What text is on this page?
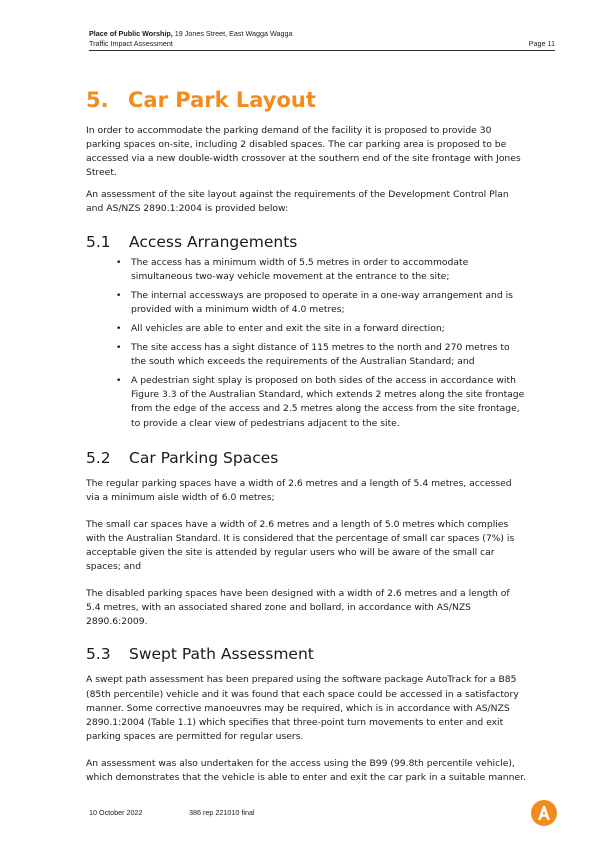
Place of Public Worship, 19 Jones Street, East Wagga Wagga
Traffic Impact Assessment	Page 11
5. Car Park Layout

In order to accommodate the parking demand of the facility it is proposed to provide 30 parking spaces on-site, including 2 disabled spaces. The car parking area is proposed to be accessed via a new double-width crossover at the southern end of the site frontage with Jones Street.

An assessment of the site layout against the requirements of the Development Control Plan and AS/NZS 2890.1:2004 is provided below:

5.1	Access Arrangements
• The access has a minimum width of 5.5 metres in order to accommodate simultaneous two-way vehicle movement at the entrance to the site;
• The internal accessways are proposed to operate in a one-way arrangement and is provided with a minimum width of 4.0 metres;
• All vehicles are able to enter and exit the site in a forward direction;
• The site access has a sight distance of 115 metres to the north and 270 metres to the south which exceeds the requirements of the Australian Standard; and
• A pedestrian sight splay is proposed on both sides of the access in accordance with Figure 3.3 of the Australian Standard, which extends 2 metres along the site frontage from the edge of the access and 2.5 metres along the access from the site frontage, to provide a clear view of pedestrians adjacent to the site.
5.2	Car Parking Spaces

The regular parking spaces have a width of 2.6 metres and a length of 5.4 metres, accessed via a minimum aisle width of 6.0 metres;

The small car spaces have a width of 2.6 metres and a length of 5.0 metres which complies with the Australian Standard. It is considered that the percentage of small car spaces (7%) is acceptable given the site is attended by regular users who will be aware of the small car spaces; and

The disabled parking spaces have been designed with a width of 2.6 metres and a length of 5.4 metres, with an associated shared zone and bollard, in accordance with AS/NZS 2890.6:2009.

5.3	Swept Path Assessment

A swept path assessment has been prepared using the software package AutoTrack for a B85 (85th percentile) vehicle and it was found that each space could be accessed in a satisfactory manner. Some corrective manoeuvres may be required, which is in accordance with AS/NZS 2890.1:2004 (Table 1.1) which specifies that three-point turn movements to enter and exit parking spaces are permitted for regular users.

An assessment was also undertaken for the access using the B99 (99.8th percentile vehicle), which demonstrates that the vehicle is able to enter and exit the car park in a suitable manner.

10 October 2022	386 rep 221010 final
